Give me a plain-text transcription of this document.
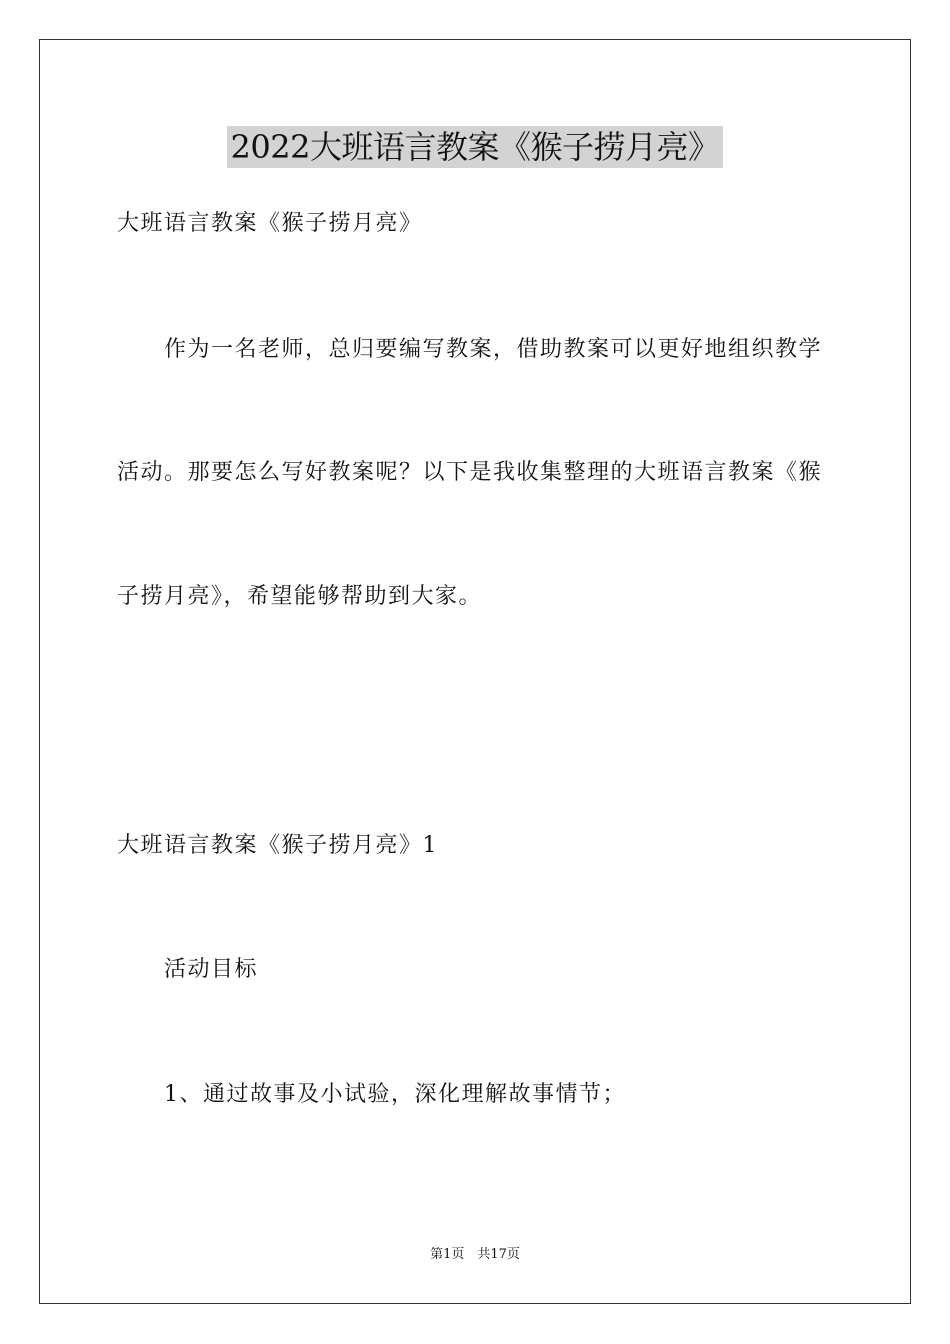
2022大班语言教案《猴子捞月亮》
大班语言教案《猴子捞月亮》
作为一名老师，总归要编写教案，借助教案可以更好地组织教学
活动。那要怎么写好教案呢？以下是我收集整理的大班语言教案《猴
子捞月亮》，希望能够帮助到大家。
大班语言教案《猴子捞月亮》1
活动目标
1、通过故事及小试验，深化理解故事情节；
第1页　共17页
